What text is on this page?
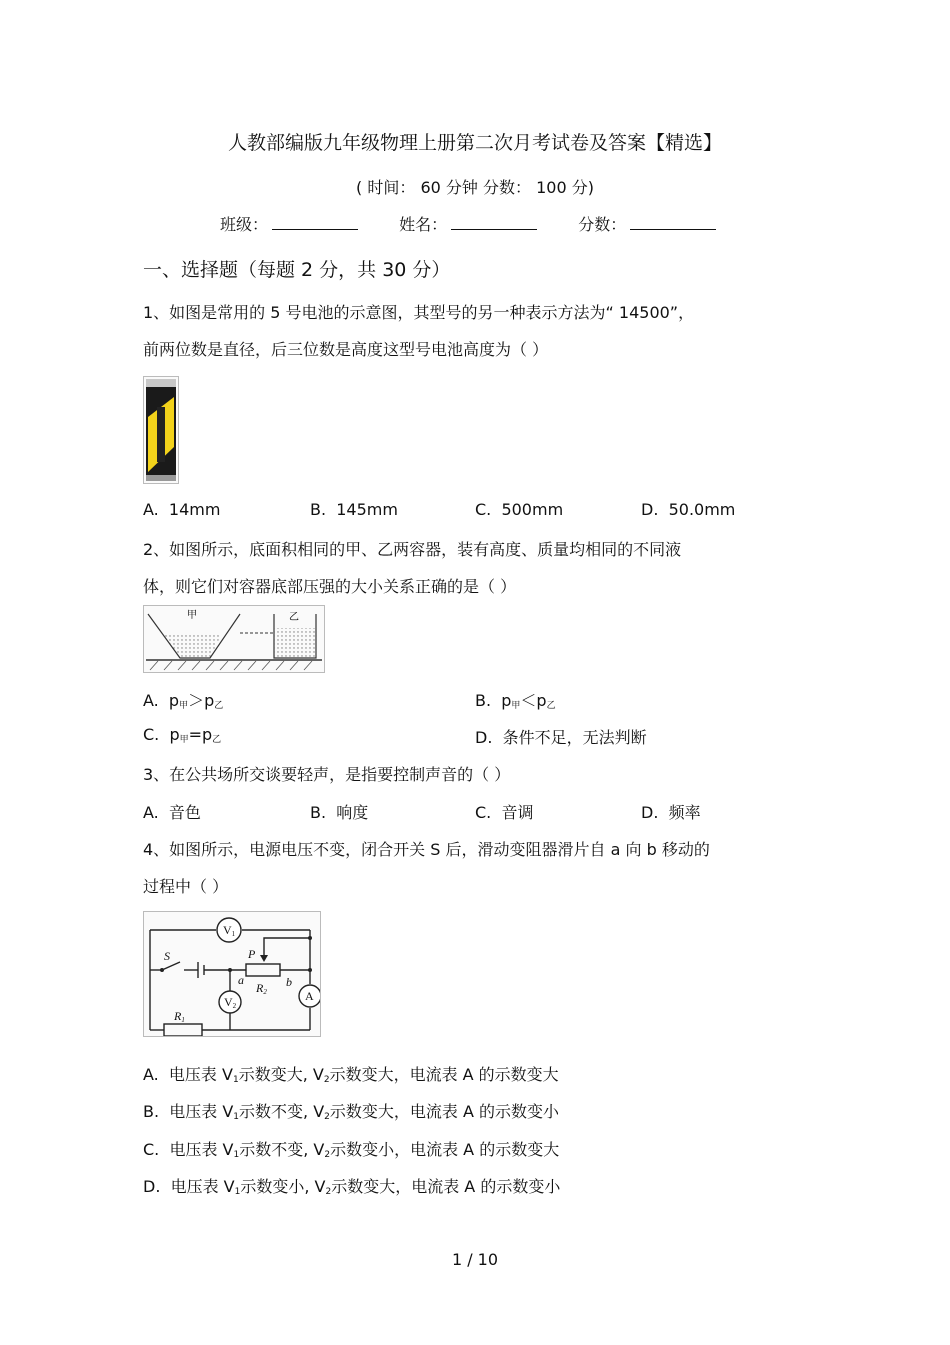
人教部编版九年级物理上册第二次月考试卷及答案【精选】
( 时间： 60 分钟 分数： 100 分)
班级：	姓名：	分数：
一、选择题（每题 2 分，共 30 分）
1、如图是常用的 5 号电池的示意图，其型号的另一种表示方法为“ 14500”，
前两位数是直径，后三位数是高度这型号电池高度为（ ）
A. 14mm	B. 145mm	C. 500mm	D. 50.0mm
2、如图所示，底面积相同的甲、乙两容器，装有高度、质量均相同的不同液
体，则它们对容器底部压强的大小关系正确的是（ ）
甲	乙
A. $p_甲>p_乙$	B. $p_甲<p_乙$
C. $p_甲=p_乙$	D. 条件不足，无法判断
3、在公共场所交谈要轻声，是指要控制声音的（ ）
A. 音色	B. 响度	C. 音调	D. 频率
4、如图所示，电源电压不变，闭合开关 S 后，滑动变阻器滑片自 a 向 b 移动的
过程中（ ）
V1
V2
A
S	P
R2
R1
a	b
A. 电压表 $V_1$示数变大, $V_2$示数变大，电流表 A 的示数变大
B. 电压表 $V_1$示数不变, $V_2$示数变大，电流表 A 的示数变小
C. 电压表 $V_1$示数不变, $V_2$示数变小，电流表 A 的示数变大
D. 电压表 $V_1$示数变小, $V_2$示数变大，电流表 A 的示数变小
1 / 10
